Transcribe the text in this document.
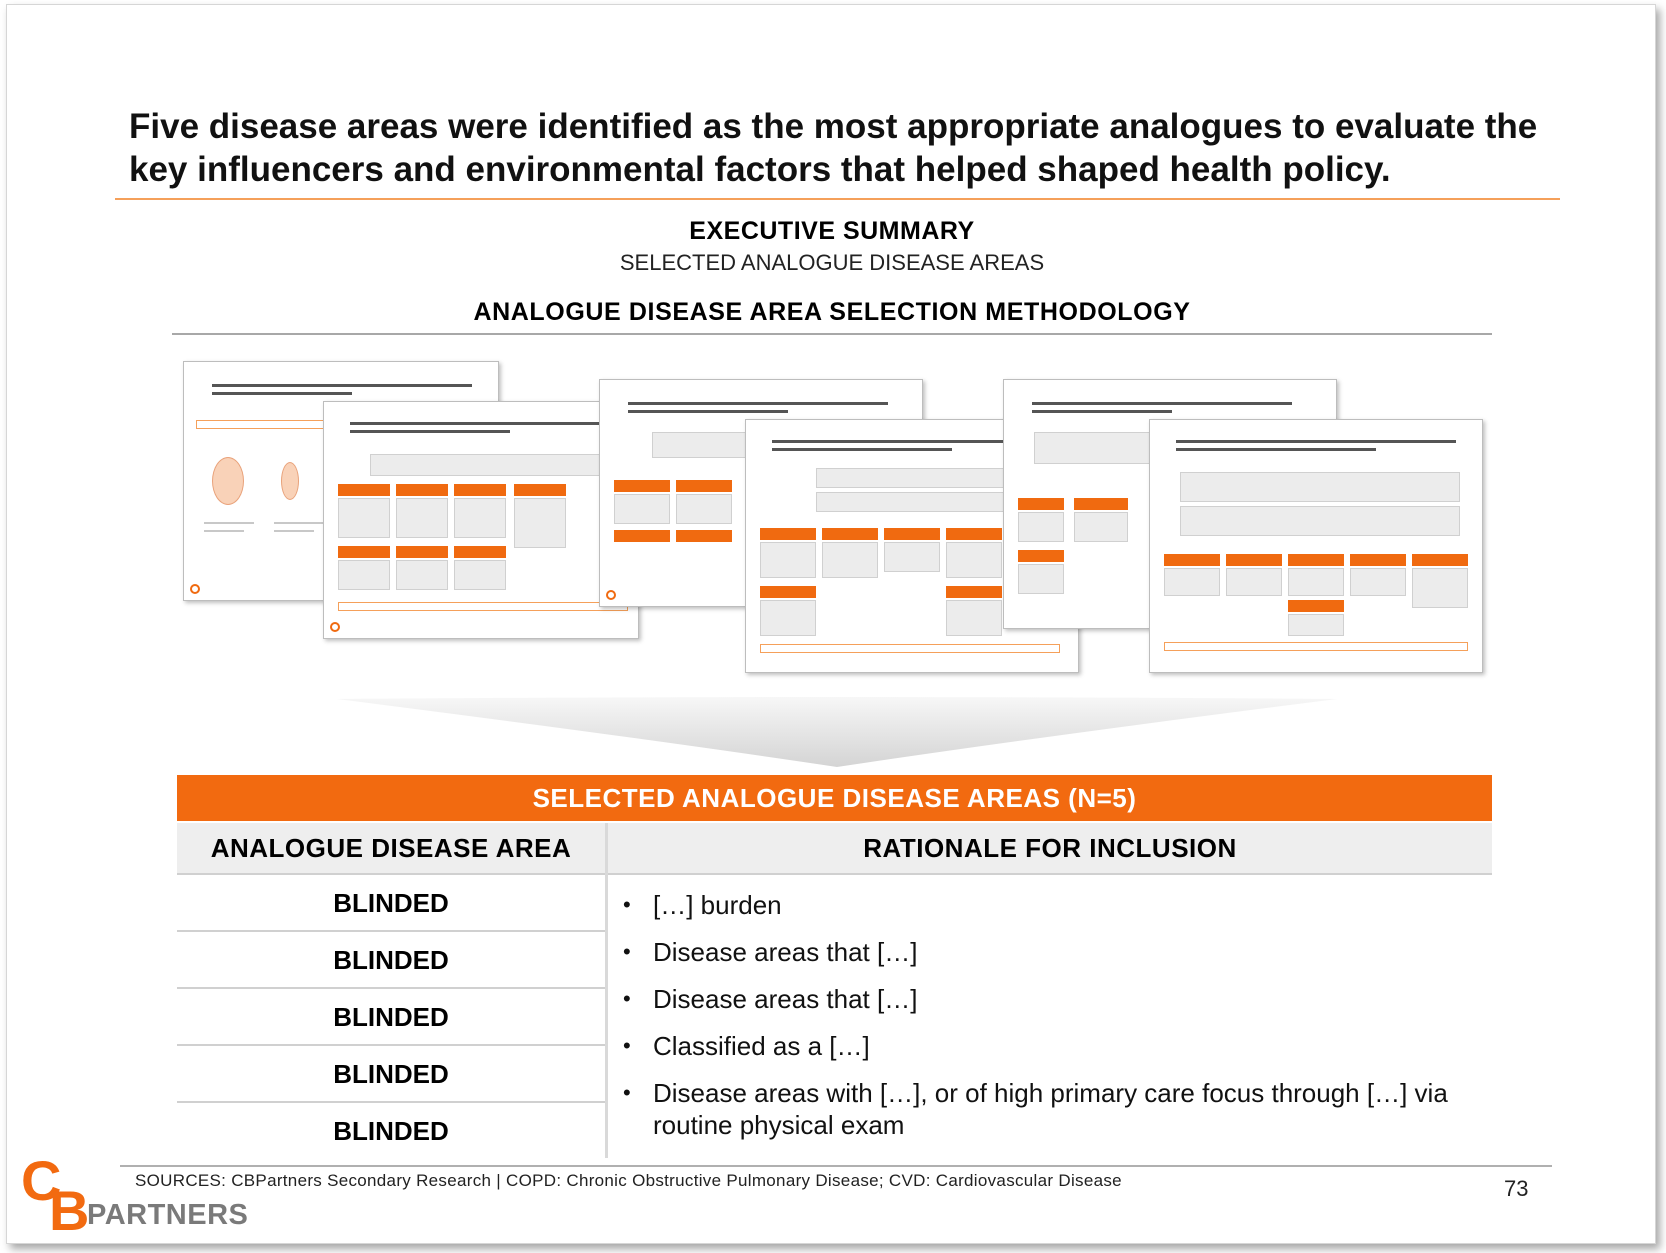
Five disease areas were identified as the most appropriate analogues to evaluate the key influencers and environmental factors that helped shaped health policy.
EXECUTIVE SUMMARY
SELECTED ANALOGUE DISEASE AREAS
ANALOGUE DISEASE AREA SELECTION METHODOLOGY
SELECTED ANALOGUE DISEASE AREAS (N=5)
ANALOGUE DISEASE AREA	RATIONALE FOR INCLUSION
BLINDED
BLINDED
BLINDED
BLINDED
BLINDED
• […] burden
• Disease areas that […]
• Disease areas that […]
• Classified as a […]
• Disease areas with […], or of high primary care focus through […] via routine physical exam
SOURCES: CBPartners Secondary Research | COPD: Chronic Obstructive Pulmonary Disease; CVD: Cardiovascular Disease	73
C
B
PARTNERS
